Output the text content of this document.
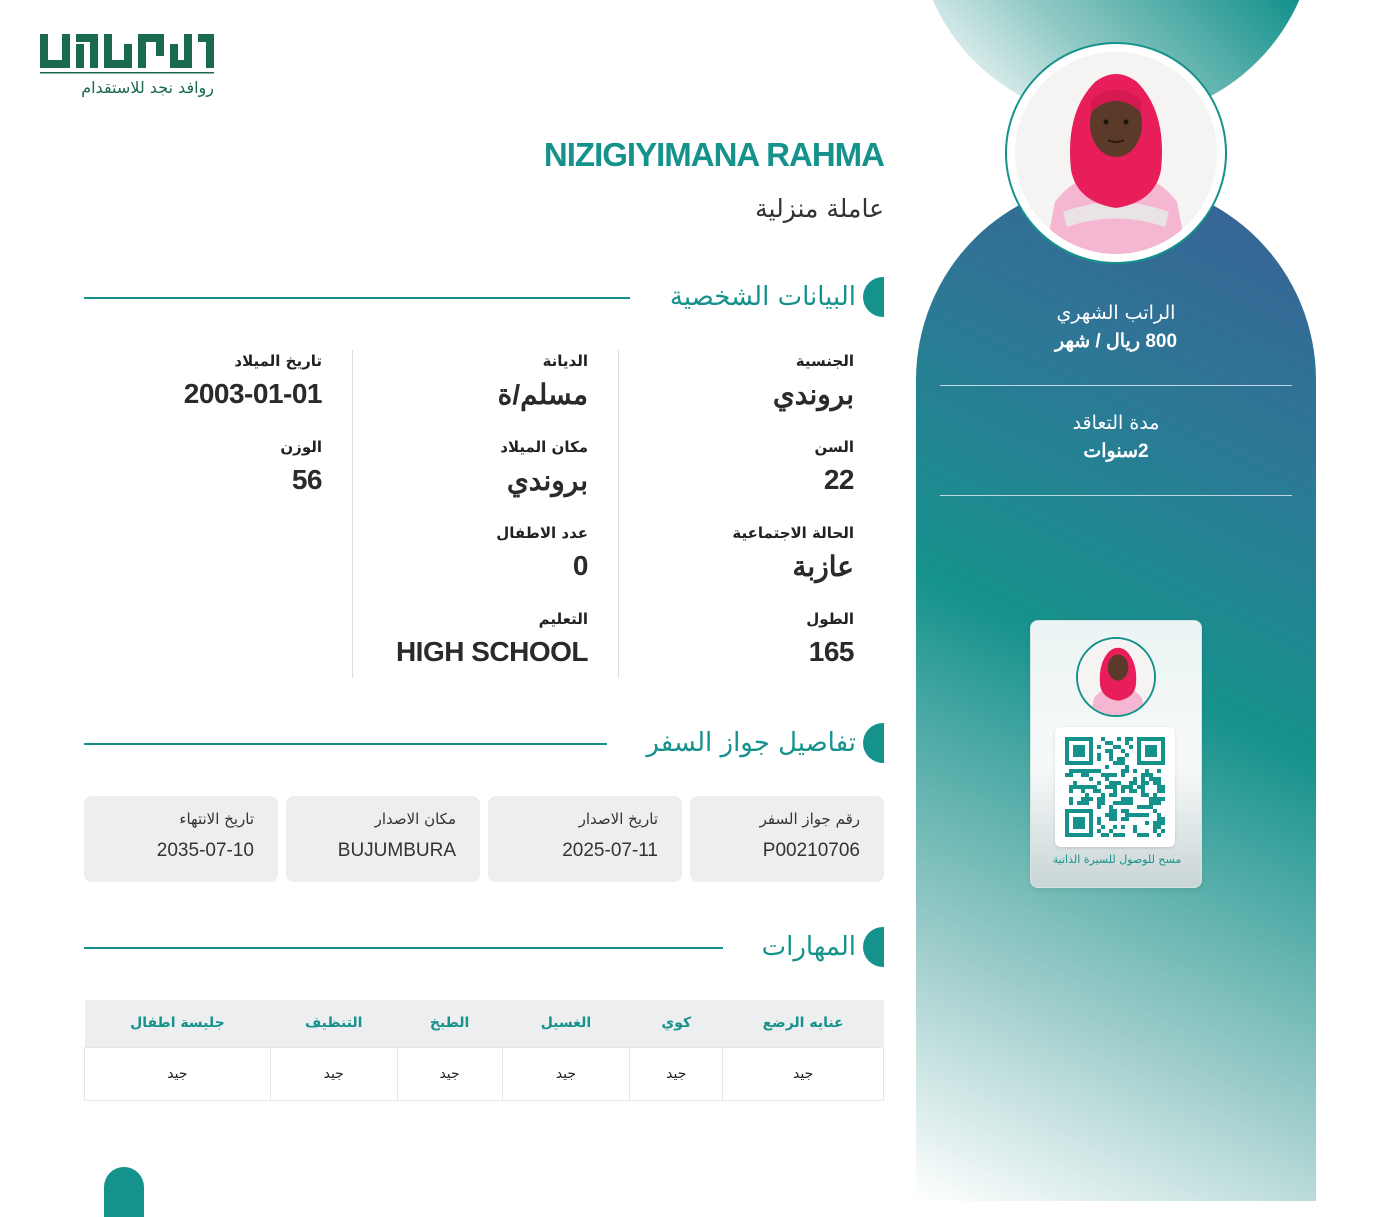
الراتب الشهري
800 ريال / شهر
مدة التعاقد
2سنوات
مسح للوصول للسيرة الذاتية
روافد نجد للاستقدام
NIZIGIYIMANA RAHMA
عاملة منزلية
البيانات الشخصية
الجنسية
بروندي
السن
22
الحالة الاجتماعية
عازبة
الطول
165
الديانة
مسلم/ة
مكان الميلاد
بروندي
عدد الاطفال
0
التعليم
HIGH SCHOOL
تاريخ الميلاد
2003-01-01
الوزن
56
تفاصيل جواز السفر
رقم جواز السفر
P00210706
تاريخ الاصدار
2025-07-11
مكان الاصدار
BUJUMBURA
تاريخ الانتهاء
2035-07-10
المهارات
عنايه الرضع	كوي	الغسيل	الطبخ	التنظيف	جليسة اطفال
جيد	جيد	جيد	جيد	جيد	جيد
